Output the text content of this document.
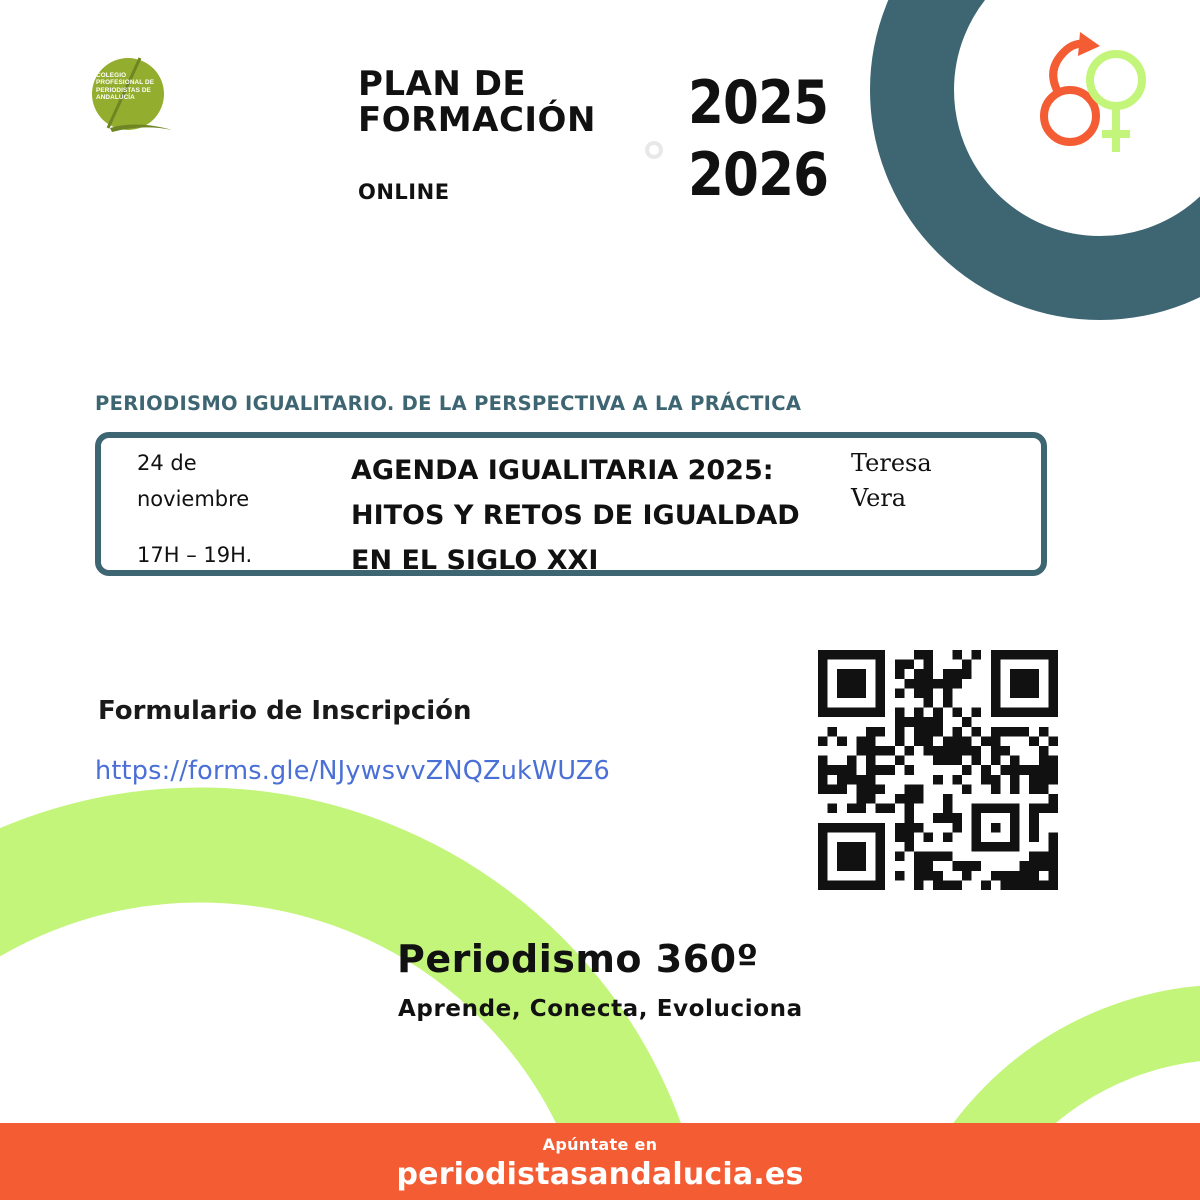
COLEGIO PROFESIONAL DE PERIODISTAS DE ANDALUCÍA	PLAN DE
FORMACIÓN
ONLINE
2025
2026
PERIODISMO IGUALITARIO. DE LA PERSPECTIVA A LA PRÁCTICA
24 de
noviembre
17H – 19H.
AGENDA IGUALITARIA 2025: HITOS Y RETOS DE IGUALDAD EN EL SIGLO XXI
Teresa
Vera
Formulario de Inscripción
https://forms.gle/NJywsvvZNQZukWUZ6
Periodismo 360º
Aprende, Conecta, Evoluciona
Apúntate en
periodistasandalucia.es
